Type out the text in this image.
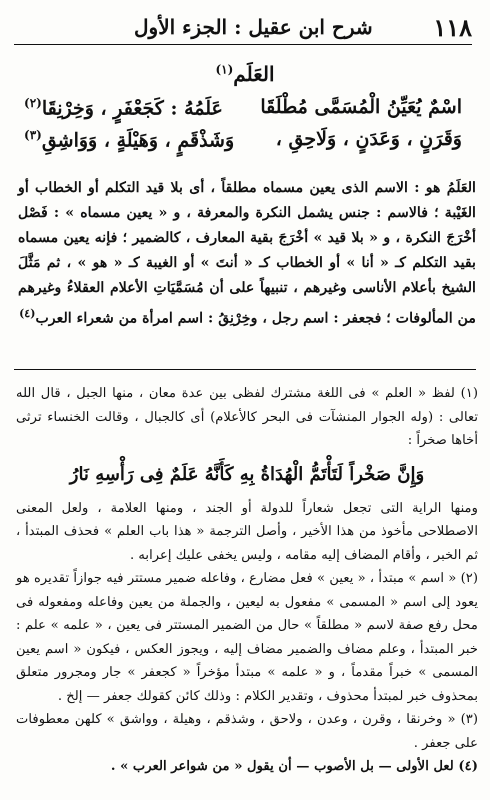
١١٨
شرح ابن عقيل : الجزء الأول
العَلَم$^{(١)}$
اسْمٌ يُعَيِّنُ الْمُسَمَّى مُطْلَقَا
عَلَمُهُ : كَجَعْفَرٍ ، وَخِرْنِقَا$^{(٢)}$
وَقَرَنٍ ، وَعَدَنٍ ، وَلَاحِقِ ،
وَشَذْقَمٍ ، وَهَيْلَةٍ ، وَوَاشِقِ$^{(٣)}$

العَلَمُ هو : الاسم الذى يعين مسماه مطلقاً ، أى بلا قيد التكلم أو الخطاب أو الغَيْبة ؛ فالاسم : جنس يشمل النكرة والمعرفة ، و « يعين مسماه » : فَصْل أخْرَجَ النكرة ، و « بلا قيد » أخْرَجَ بقية المعارف ، كالضمير ؛ فإنه يعين مسماه بقيد التكلم كـ « أنا » أو الخطاب كـ « أنتَ » أو الغيبة كـ « هو » ، ثم مَثَّلَ الشيخ بأعلام الأناسى وغيرهم ، تنبيهاً على أن مُسَمَّيَاتِ الأعلام العقلاءُ وغيرهم من المألوفات ؛ فجعفر : اسم رجل ، وخِرْنِقُ : اسم امرأة من شعراء العرب$^{(٤)}$

(١) لفظ « العلم » فى اللغة مشترك لفظى بين عدة معان ، منها الجبل ، قال الله تعالى : (وله الجوار المنشآت فى البحر كالأعلام) أى كالجبال ، وقالت الخنساء ترثى أخاها صخراً :

وَإِنَّ صَخْراً لَتَأْتَمُّ الْهُدَاةُ بِهِ كَأَنَّهُ عَلَمٌ فِى رَأْسِهِ نَارُ

ومنها الراية التى تجعل شعاراً للدولة أو الجند ، ومنها العلامة ، ولعل المعنى الاصطلاحى مأخوذ من هذا الأخير ، وأصل الترجمة « هذا باب العلم » فحذف المبتدأ ، ثم الخبر ، وأقام المضاف إليه مقامه ، وليس يخفى عليك إعرابه .

(٢) « اسم » مبتدأ ، « يعين » فعل مضارع ، وفاعله ضمير مستتر فيه جوازاً تقديره هو يعود إلى اسم « المسمى » مفعول به ليعين ، والجملة من يعين وفاعله ومفعوله فى محل رفع صفة لاسم « مطلقاً » حال من الضمير المستتر فى يعين ، « علمه » علم : خبر المبتدأ ، وعلم مضاف والضمير مضاف إليه ، ويجوز العكس ، فيكون « اسم يعين المسمى » خبراً مقدماً ، و « علمه » مبتدأ مؤخراً « كجعفر » جار ومجرور متعلق بمحذوف خبر لمبتدأ محذوف ، وتقدير الكلام : وذلك كائن كقولك جعفر — إلخ .

(٣) « وخرنقا ، وقرن ، وعدن ، ولاحق ، وشذقم ، وهيلة ، وواشق » كلهن معطوفات على جعفر .

(٤) لعل الأولى — بل الأصوب — أن يقول « من شواعر العرب » .
